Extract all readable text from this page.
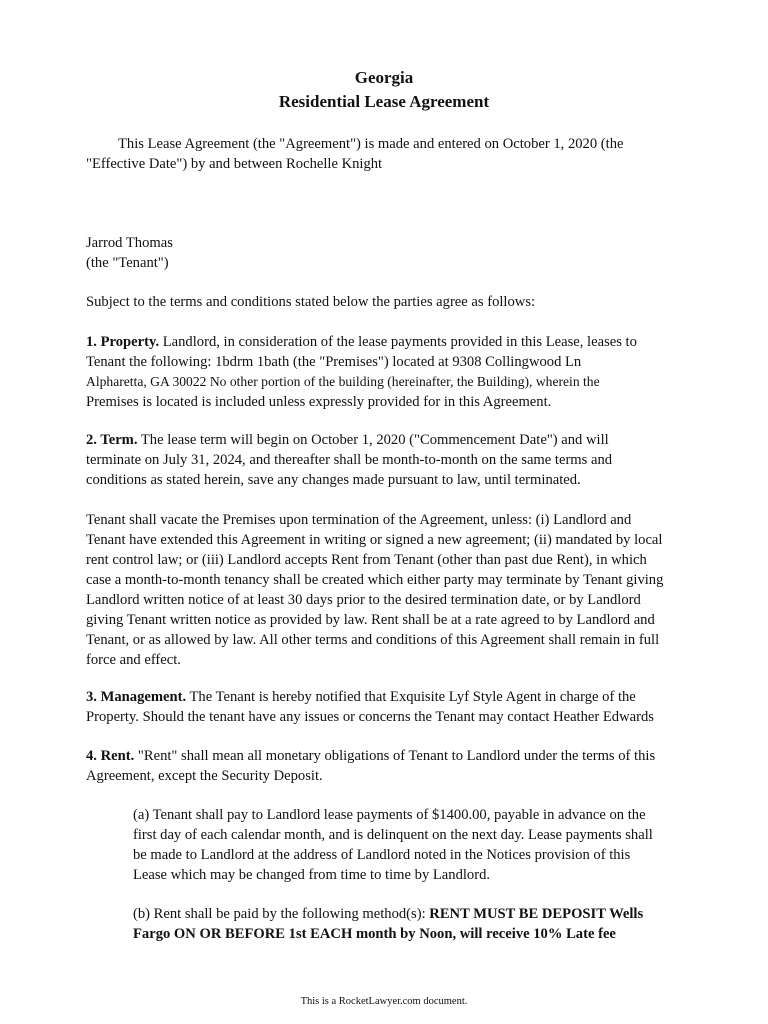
Georgia
Residential Lease Agreement

This Lease Agreement (the "Agreement") is made and entered on October 1, 2020 (the
"Effective Date") by and between Rochelle Knight

Jarrod Thomas
(the "Tenant")

Subject to the terms and conditions stated below the parties agree as follows:

1. Property. Landlord, in consideration of the lease payments provided in this Lease, leases to
Tenant the following: 1bdrm 1bath (the "Premises") located at 9308 Collingwood Ln
Alpharetta, GA 30022 No other portion of the building (hereinafter, the Building), wherein the
Premises is located is included unless expressly provided for in this Agreement.

2. Term. The lease term will begin on October 1, 2020 ("Commencement Date") and will
terminate on July 31, 2024, and thereafter shall be month-to-month on the same terms and
conditions as stated herein, save any changes made pursuant to law, until terminated.

Tenant shall vacate the Premises upon termination of the Agreement, unless: (i) Landlord and
Tenant have extended this Agreement in writing or signed a new agreement; (ii) mandated by local
rent control law; or (iii) Landlord accepts Rent from Tenant (other than past due Rent), in which
case a month-to-month tenancy shall be created which either party may terminate by Tenant giving
Landlord written notice of at least 30 days prior to the desired termination date, or by Landlord
giving Tenant written notice as provided by law. Rent shall be at a rate agreed to by Landlord and
Tenant, or as allowed by law. All other terms and conditions of this Agreement shall remain in full
force and effect.

3. Management. The Tenant is hereby notified that Exquisite Lyf Style Agent in charge of the
Property. Should the tenant have any issues or concerns the Tenant may contact Heather Edwards

4. Rent. "Rent" shall mean all monetary obligations of Tenant to Landlord under the terms of this
Agreement, except the Security Deposit.

(a) Tenant shall pay to Landlord lease payments of $1400.00, payable in advance on the
first day of each calendar month, and is delinquent on the next day. Lease payments shall
be made to Landlord at the address of Landlord noted in the Notices provision of this
Lease which may be changed from time to time by Landlord.

(b) Rent shall be paid by the following method(s): RENT MUST BE DEPOSIT Wells
Fargo ON OR BEFORE 1st EACH month by Noon, will receive 10% Late fee

This is a RocketLawyer.com document.
